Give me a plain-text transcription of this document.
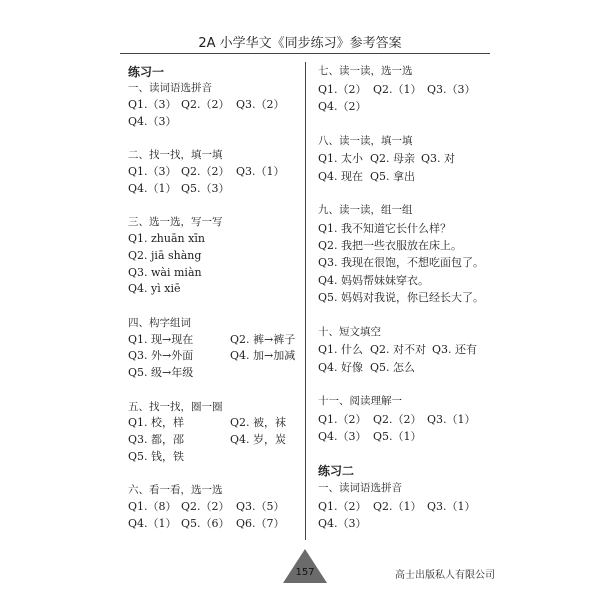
2A 小学华文《同步练习》参考答案
练习一
一、读词语选拼音
Q1.（3） Q2.（2） Q3.（2）
Q4.（3）
二、找一找，填一填
Q1.（3） Q2.（2） Q3.（1）
Q4.（1） Q5.（3）
三、选一选，写一写
Q1. zhuān xīn
Q2. jiā shàng
Q3. wài miàn
Q4. yì xiē
四、构字组词
Q1. 现→现在	Q2. 裤→裤子
Q3. 外→外面	Q4. 加→加减
Q5. 级→年级
五、找一找，圈一圈
Q1. 校，样	Q2. 被，袜
Q3. 都，邵	Q4. 岁，炭
Q5. 钱，铁
六、看一看，选一选
Q1.（8） Q2.（2） Q3.（5）
Q4.（1） Q5.（6） Q6.（7）
七、读一读，选一选
Q1.（2） Q2.（1） Q3.（3）
Q4.（2）
八、读一读，填一填
Q1. 太小 Q2. 母亲 Q3. 对
Q4. 现在 Q5. 拿出
九、读一读，组一组
Q1. 我不知道它长什么样？
Q2. 我把一些衣服放在床上。
Q3. 我现在很饱，不想吃面包了。
Q4. 妈妈帮妹妹穿衣。
Q5. 妈妈对我说，你已经长大了。
十、短文填空
Q1. 什么 Q2. 对不对 Q3. 还有
Q4. 好像 Q5. 怎么
十一、阅读理解一
Q1.（2） Q2.（2） Q3.（1）
Q4.（3） Q5.（1）
练习二
一、读词语选拼音
Q1.（2） Q2.（1） Q3.（1）
Q4.（3）
157	高士出版私人有限公司
